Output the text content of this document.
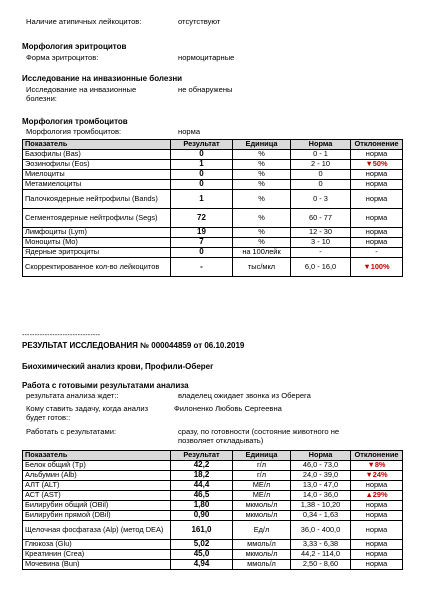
Наличие атипичных лейкоцитов:	отсутствуют
Морфология эритроцитов
Форма эритроцитов:	нормоцитарные
Исследование на инвазионные болезни
Исследование на инвазионные
болезни:
не обнаружены
Морфология тромбоцитов
Морфология тромбоцитов:	норма
Показатель	Результат	Единица	Норма	Отклонение
Базофилы (Bas)	0	%	0 - 1	норма
Эозинофилы (Eos)	1	%	2 - 10	▼50%
Миелоциты	0	%	0	норма
Метамиелоциты	0	%	0	норма
Палочкоядерные нейтрофилы (Bands)	1	%	0 - 3	норма
Сегментоядерные нейтрофилы (Segs)	72	%	60 - 77	норма
Лимфоциты (Lym)	19	%	12 - 30	норма
Моноциты (Mo)	7	%	3 - 10	норма
Ядерные эритроциты	0	на 100лейк	-	-
Скорректированное кол-во лейкоцитов	-	тыс/мкл	6,0 - 16,0	▼100%
-------------------------------
РЕЗУЛЬТАТ ИССЛЕДОВАНИЯ № 000044859 от 06.10.2019
Биохимический анализ крови, Профили-Оберег
Работа с готовыми результатами анализа
результата анализа ждет::	владелец ожидает звонка из Оберега
Кому ставить задачу, когда анализ
будет готов::
Филоненко Любовь Сергеевна
Работать с результатами:	сразу, по готовности (состояние животного не
позволяет откладывать)
Показатель	Результат	Единица	Норма	Отклонение
Белок общий (Tp)	42,2	г/л	46,0 - 73,0	▼8%
Альбумин (Alb)	18,2	г/л	24,0 - 39,0	▼24%
АЛТ (ALT)	44,4	МЕ/л	13,0 - 47,0	норма
АСТ (AST)	46,5	МЕ/л	14,0 - 36,0	▲29%
Билирубин общий (OBil)	1,80	мкмоль/л	1,38 - 10,20	норма
Билирубин прямой (DBil)	0,90	мкмоль/л	0,34 - 1,63	норма
Щелочная фосфатаза (Alp) (метод DEA)	161,0	Ед/л	36,0 - 400,0	норма
Глюкоза (Glu)	5,02	ммоль/л	3,33 - 6,38	норма
Креатинин (Crea)	45,0	мкмоль/л	44,2 - 114,0	норма
Мочевина (Bun)	4,94	ммоль/л	2,50 - 8,60	норма
